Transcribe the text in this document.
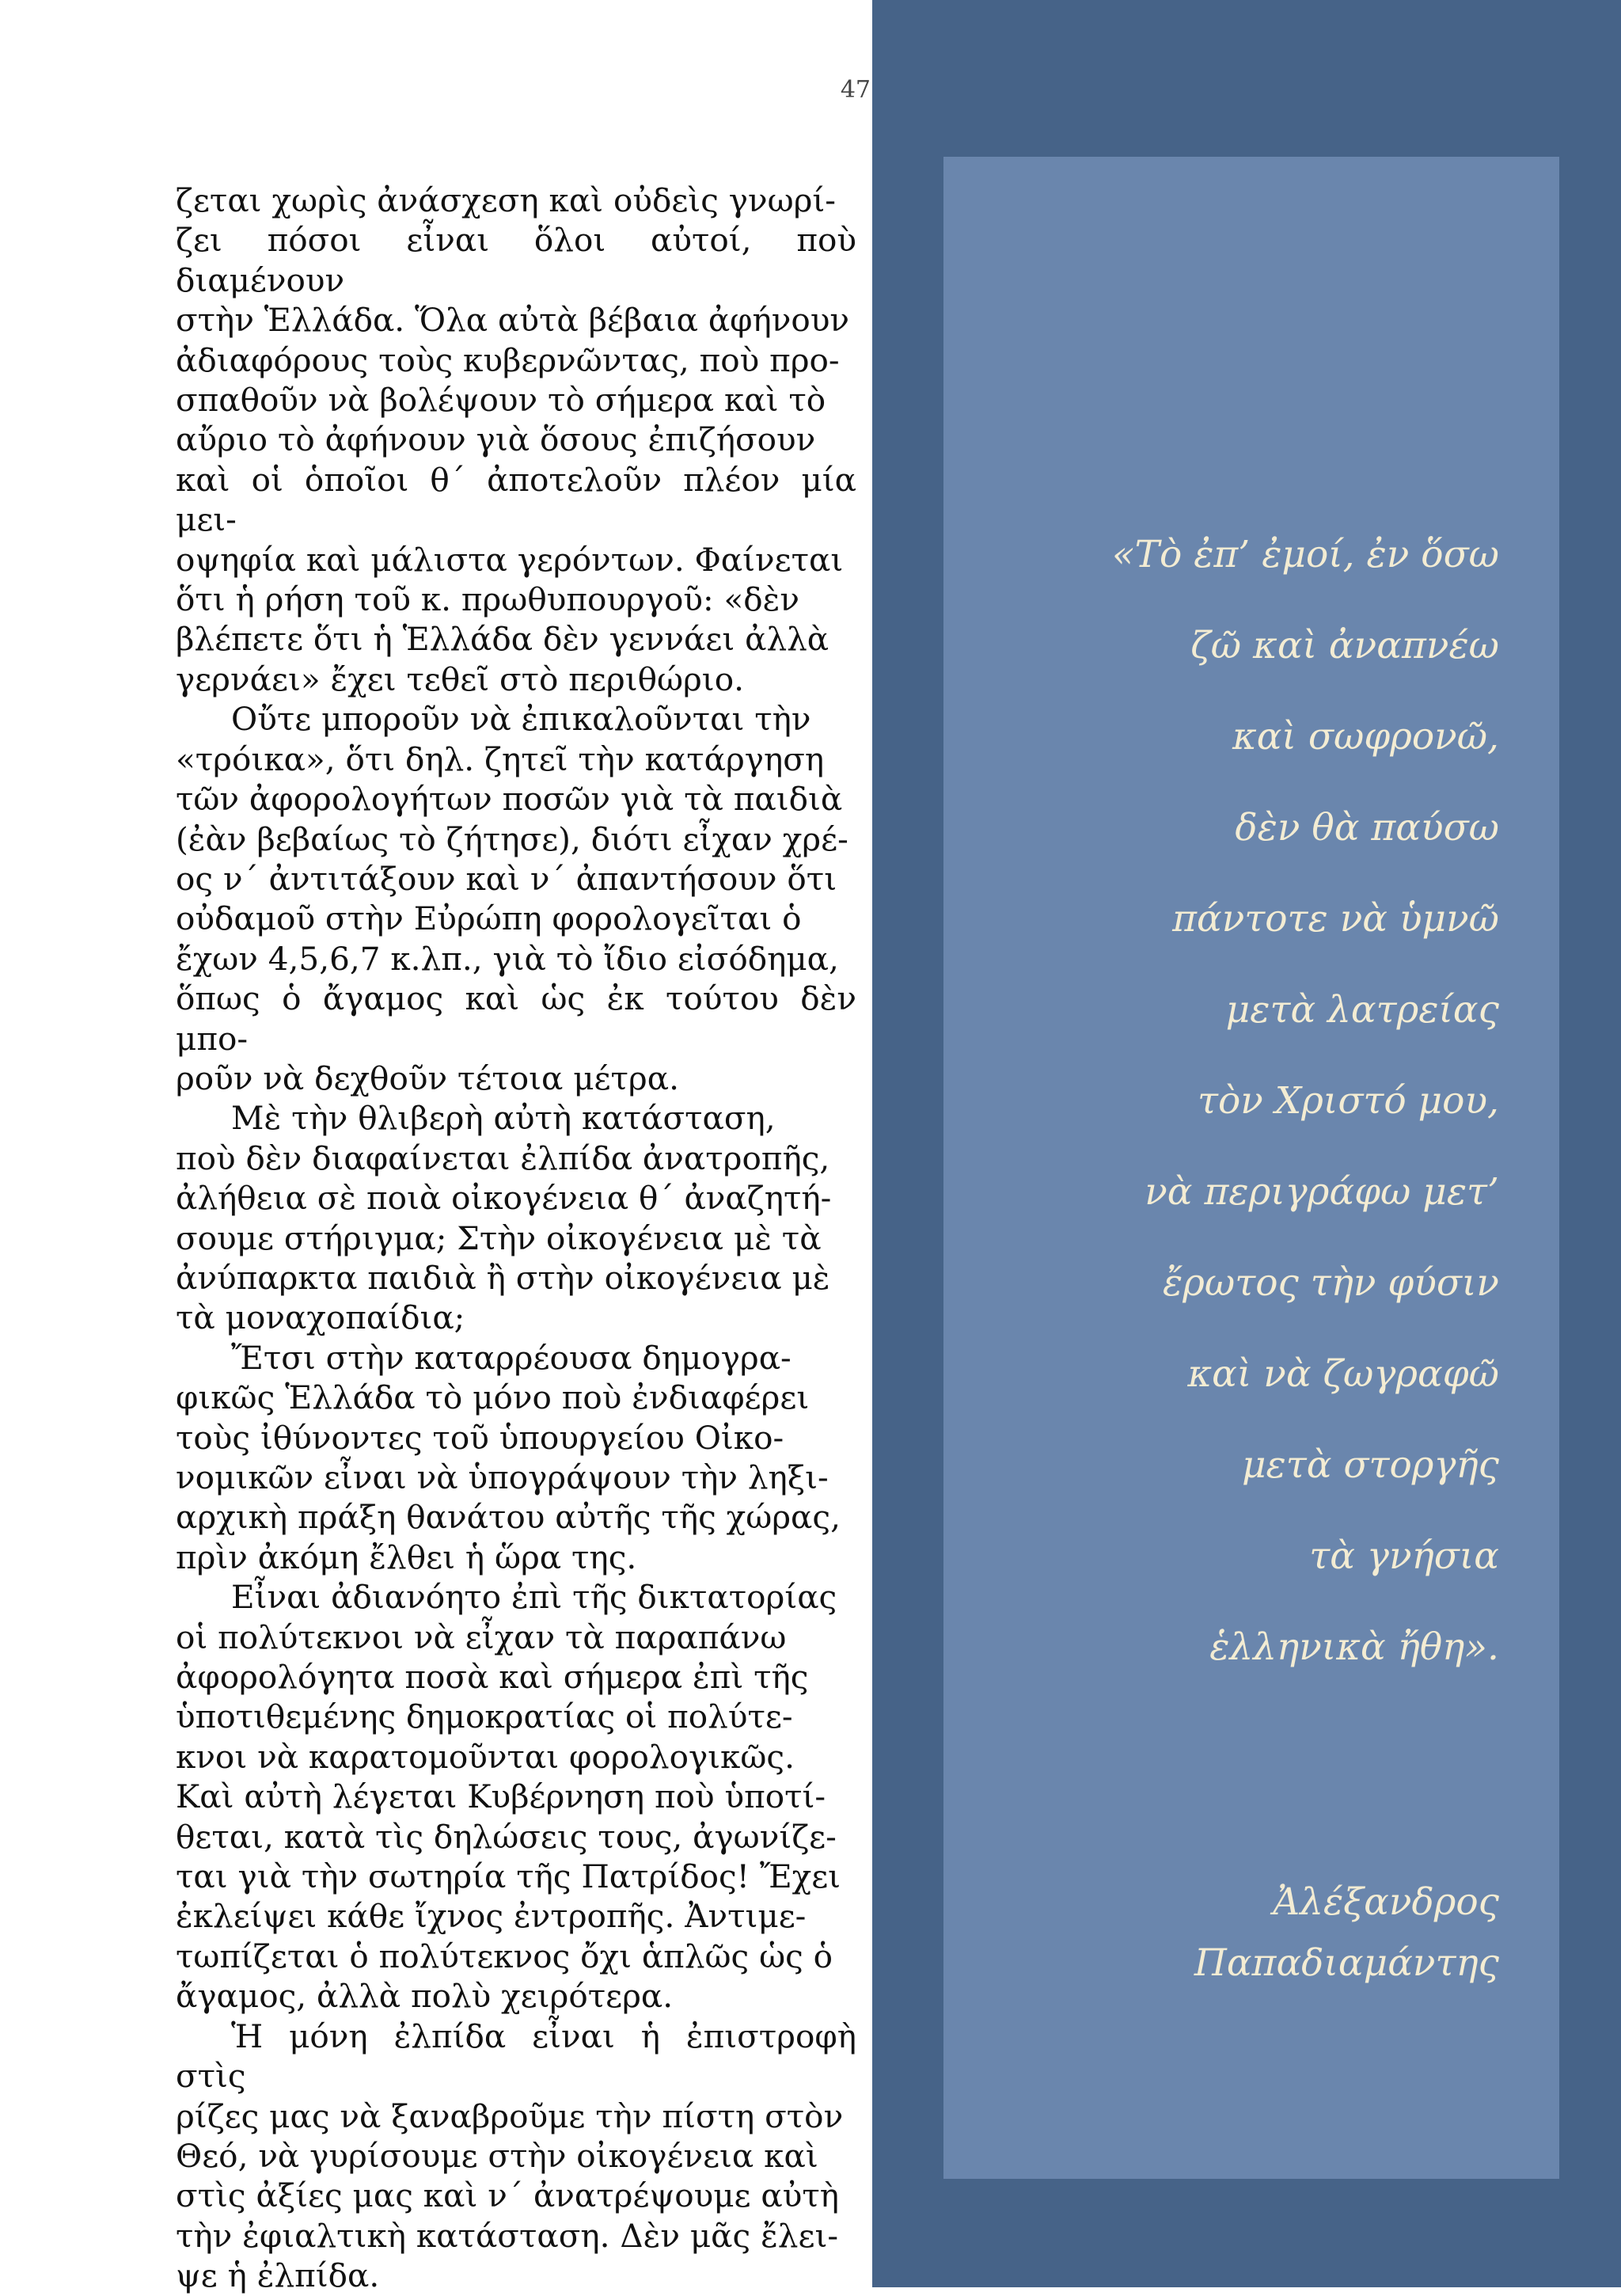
47

ζεται χωρὶς ἀνάσχεση καὶ οὐδεὶς γνωρί-
ζει πόσοι εἶναι ὅλοι αὐτοί, ποὺ διαμένουν
στὴν Ἑλλάδα. Ὅλα αὐτὰ βέβαια ἀφήνουν
ἀδιαφόρους τοὺς κυβερνῶντας, ποὺ προ-
σπαθοῦν νὰ βολέψουν τὸ σήμερα καὶ τὸ
αὔριο τὸ ἀφήνουν γιὰ ὅσους ἐπιζήσουν
καὶ οἱ ὁποῖοι θ΄ ἀποτελοῦν πλέον μία μει-
οψηφία καὶ μάλιστα γερόντων. Φαίνεται
ὅτι ἡ ρήση τοῦ κ. πρωθυπουργοῦ: «δὲν
βλέπετε ὅτι ἡ Ἑλλάδα δὲν γεννάει ἀλλὰ
γερνάει» ἔχει τεθεῖ στὸ περιθώριο.

Οὔτε μποροῦν νὰ ἐπικαλοῦνται τὴν
«τρόικα», ὅτι δηλ. ζητεῖ τὴν κατάργηση
τῶν ἀφορολογήτων ποσῶν γιὰ τὰ παιδιὰ
(ἐὰν βεβαίως τὸ ζήτησε), διότι εἶχαν χρέ-
ος ν΄ ἀντιτάξουν καὶ ν΄ ἀπαντήσουν ὅτι
οὐδαμοῦ στὴν Εὐρώπη φορολογεῖται ὁ
ἔχων 4,5,6,7 κ.λπ., γιὰ τὸ ἴδιο εἰσόδημα,
ὅπως ὁ ἄγαμος καὶ ὡς ἐκ τούτου δὲν μπο-
ροῦν νὰ δεχθοῦν τέτοια μέτρα.

Μὲ τὴν θλιβερὴ αὐτὴ κατάσταση,
ποὺ δὲν διαφαίνεται ἐλπίδα ἀνατροπῆς,
ἀλήθεια σὲ ποιὰ οἰκογένεια θ΄ ἀναζητή-
σουμε στήριγμα; Στὴν οἰκογένεια μὲ τὰ
ἀνύπαρκτα παιδιὰ ἢ στὴν οἰκογένεια μὲ
τὰ μοναχοπαίδια;

Ἔτσι στὴν καταρρέουσα δημογρα-
φικῶς Ἑλλάδα τὸ μόνο ποὺ ἐνδιαφέρει
τοὺς ἰθύνοντες τοῦ ὑπουργείου Οἰκο-
νομικῶν εἶναι νὰ ὑπογράψουν τὴν ληξι-
αρχικὴ πράξη θανάτου αὐτῆς τῆς χώρας,
πρὶν ἀκόμη ἔλθει ἡ ὥρα της.

Εἶναι ἀδιανόητο ἐπὶ τῆς δικτατορίας
οἱ πολύτεκνοι νὰ εἶχαν τὰ παραπάνω
ἀφορολόγητα ποσὰ καὶ σήμερα ἐπὶ τῆς
ὑποτιθεμένης δημοκρατίας οἱ πολύτε-
κνοι νὰ καρατομοῦνται φορολογικῶς.
Καὶ αὐτὴ λέγεται Κυβέρνηση ποὺ ὑποτί-
θεται, κατὰ τὶς δηλώσεις τους, ἀγωνίζε-
ται γιὰ τὴν σωτηρία τῆς Πατρίδος! Ἔχει
ἐκλείψει κάθε ἴχνος ἐντροπῆς. Ἀντιμε-
τωπίζεται ὁ πολύτεκνος ὄχι ἁπλῶς ὡς ὁ
ἄγαμος, ἀλλὰ πολὺ χειρότερα.

Ἡ μόνη ἐλπίδα εἶναι ἡ ἐπιστροφὴ στὶς
ρίζες μας νὰ ξαναβροῦμε τὴν πίστη στὸν
Θεό, νὰ γυρίσουμε στὴν οἰκογένεια καὶ
στὶς ἀξίες μας καὶ ν΄ ἀνατρέψουμε αὐτὴ
τὴν ἐφιαλτικὴ κατάσταση. Δὲν μᾶς ἔλει-
ψε ἡ ἐλπίδα.

«Τὸ ἐπ’ ἐμοί, ἐν ὅσω
ζῶ καὶ ἀναπνέω
καὶ σωφρονῶ,
δὲν θὰ παύσω
πάντοτε νὰ ὑμνῶ
μετὰ λατρείας
τὸν Χριστό μου,
νὰ περιγράφω μετ’
ἔρωτος τὴν φύσιν
καὶ νὰ ζωγραφῶ
μετὰ στοργῆς
τὰ γνήσια
ἑλληνικὰ ἤθη».
Ἀλέξανδρος
Παπαδιαμάντης
